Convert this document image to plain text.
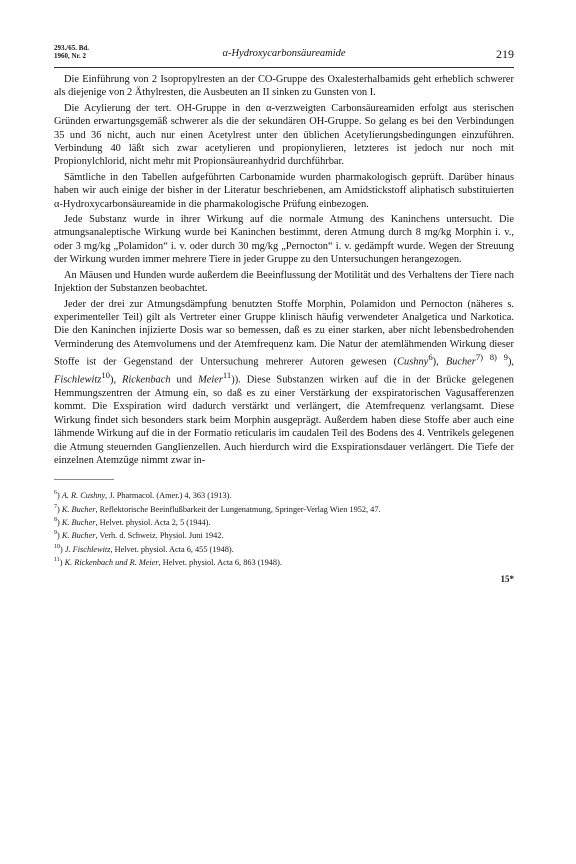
293./65. Bd.
1960, Nr. 2	α-Hydroxycarbonsäureamide	219

Die Einführung von 2 Isopropylresten an der CO-Gruppe des Oxalesterhalbamids geht erheblich schwerer als diejenige von 2 Äthylresten, die Ausbeuten an II sinken zu Gunsten von I.

Die Acylierung der tert. OH-Gruppe in den α-verzweigten Carbonsäureamiden erfolgt aus sterischen Gründen erwartungsgemäß schwerer als die der sekundären OH-Gruppe. So gelang es bei den Verbindungen 35 und 36 nicht, auch nur einen Acetylrest unter den üblichen Acetylierungsbedingungen einzuführen. Verbindung 40 läßt sich zwar acetylieren und propionylieren, letzteres ist jedoch nur noch mit Propionylchlorid, nicht mehr mit Propionsäureanhydrid durchführbar.

Sämtliche in den Tabellen aufgeführten Carbonamide wurden pharmakologisch geprüft. Darüber hinaus haben wir auch einige der bisher in der Literatur beschriebenen, am Amidstickstoff aliphatisch substituierten α-Hydroxycarbonsäureamide in die pharmakologische Prüfung einbezogen.

Jede Substanz wurde in ihrer Wirkung auf die normale Atmung des Kaninchens untersucht. Die atmungsanaleptische Wirkung wurde bei Kaninchen bestimmt, deren Atmung durch 8 mg/kg Morphin i. v., oder 3 mg/kg „Polamidon“ i. v. oder durch 30 mg/kg „Pernocton“ i. v. gedämpft wurde. Wegen der Streuung der Wirkung wurden immer mehrere Tiere in jeder Gruppe zu den Untersuchungen herangezogen.

An Mäusen und Hunden wurde außerdem die Beeinflussung der Motilität und des Verhaltens der Tiere nach Injektion der Substanzen beobachtet.

Jeder der drei zur Atmungsdämpfung benutzten Stoffe Morphin, Polamidon und Pernocton (näheres s. experimenteller Teil) gilt als Vertreter einer Gruppe klinisch häufig verwendeter Analgetica und Narkotica. Die den Kaninchen injizierte Dosis war so bemessen, daß es zu einer starken, aber nicht lebensbedrohenden Verminderung des Atemvolumens und der Atemfrequenz kam. Die Natur der atemlähmenden Wirkung dieser Stoffe ist der Gegenstand der Untersuchung mehrerer Autoren gewesen (Cushny$^6$), Bucher$^{7) 8) 9}$), Fischlewitz$^{10}$), Rickenbach und Meier$^{11}$)). Diese Substanzen wirken auf die in der Brücke gelegenen Hemmungszentren der Atmung ein, so daß es zu einer Verstärkung der exspiratorischen Vagusafferenzen kommt. Die Exspiration wird dadurch verstärkt und verlängert, die Atemfrequenz verlangsamt. Diese Wirkung findet sich besonders stark beim Morphin ausgeprägt. Außerdem haben diese Stoffe aber auch eine lähmende Wirkung auf die in der Formatio reticularis im caudalen Teil des Bodens des 4. Ventrikels gelegenen die Atmung steuernden Ganglienzellen. Auch hierdurch wird die Exspirationsdauer verlängert. Die Tiefe der einzelnen Atemzüge nimmt zwar in-

$^6$) A. R. Cushny, J. Pharmacol. (Amer.) 4, 363 (1913).
$^7$) K. Bucher, Reflektorische Beeinflußbarkeit der Lungenatmung, Springer-Verlag Wien 1952, 47.
$^8$) K. Bucher, Helvet. physiol. Acta 2, 5 (1944).
$^9$) K. Bucher, Verh. d. Schweiz. Physiol. Juni 1942.
$^{10}$) J. Fischlewitz, Helvet. physiol. Acta 6, 455 (1948).
$^{11}$) K. Rickenbach und R. Meier, Helvet. physiol. Acta 6, 863 (1948).
15*
